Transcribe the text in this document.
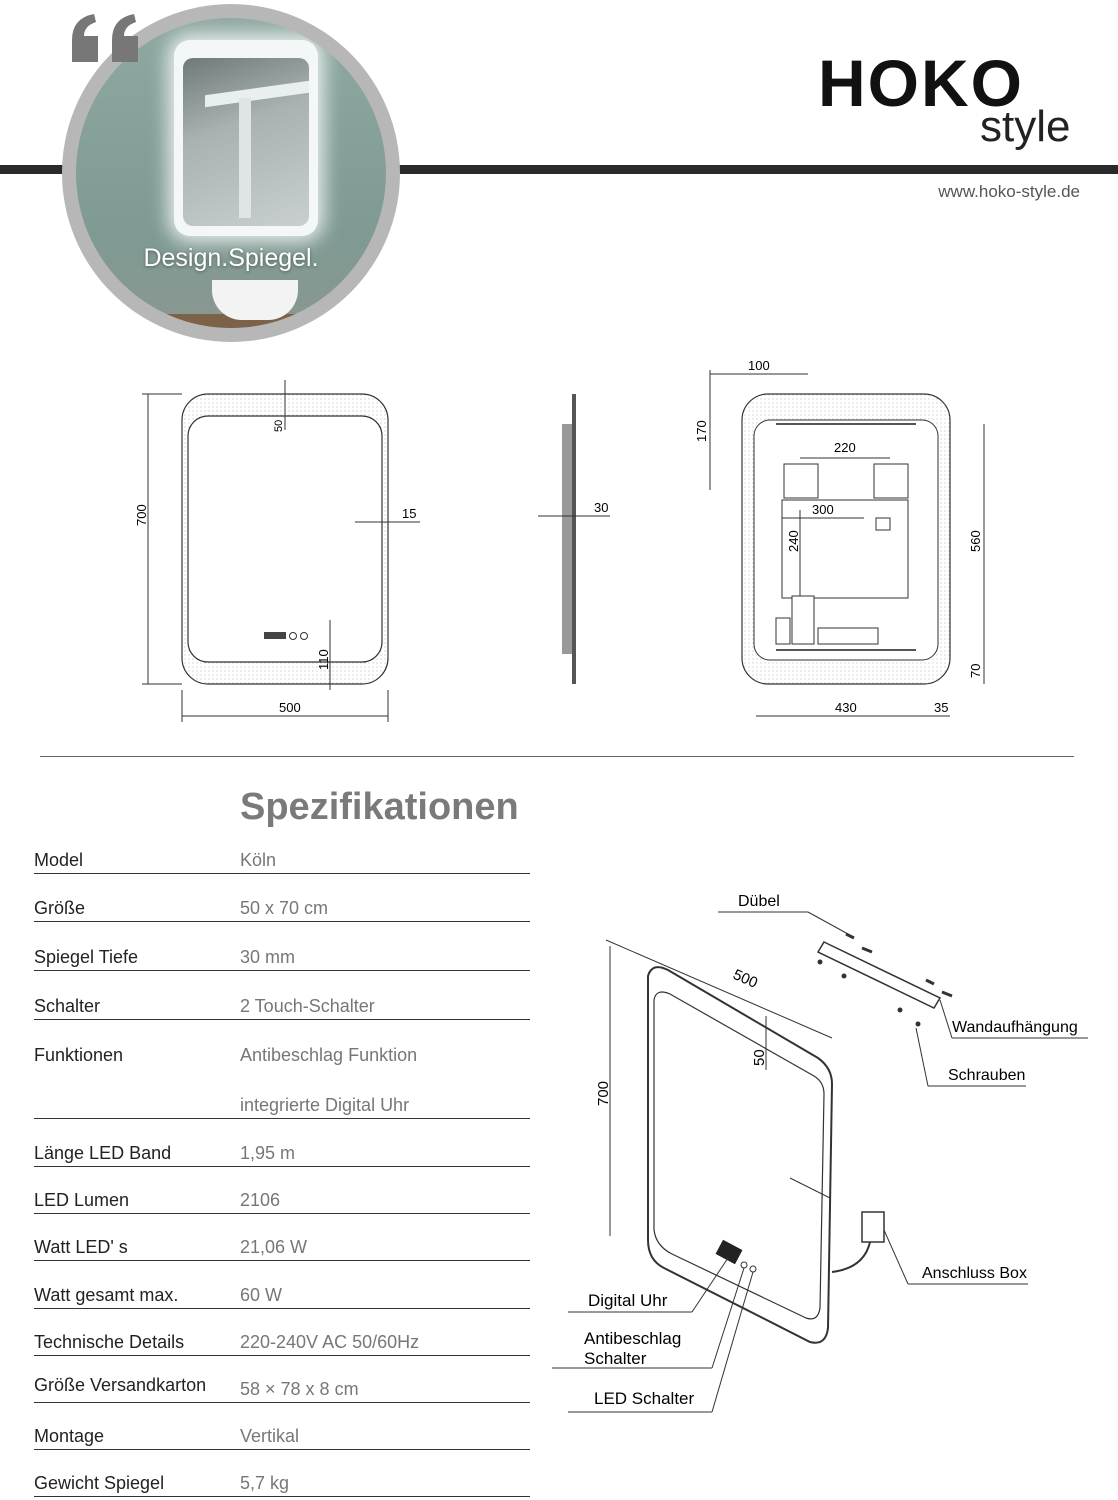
Design.Spiegel.
HOKO
style
www.hoko-style.de
700
500
50
15
110
30
100
170
220
300
240	560
70
430	35
Spezifikationen
Model	Köln
Größe	50 x 70 cm
Spiegel Tiefe	30 mm
Schalter	2 Touch-Schalter
Funktionen	Antibeschlag Funktion
integrierte Digital Uhr
Länge LED Band	1,95 m
LED Lumen	2106
Watt LED' s	21,06 W
Watt gesamt max.	60 W
Technische Details	220-240V AC 50/60Hz
Größe Versandkarton 58 × 78 x 8 cm
Montage	Vertikal
Gewicht Spiegel	5,7 kg
500
700
50
Dübel
Wandaufhängung
Schrauben
Anschluss Box
Digital Uhr
Antibeschlag
Schalter
LED Schalter
